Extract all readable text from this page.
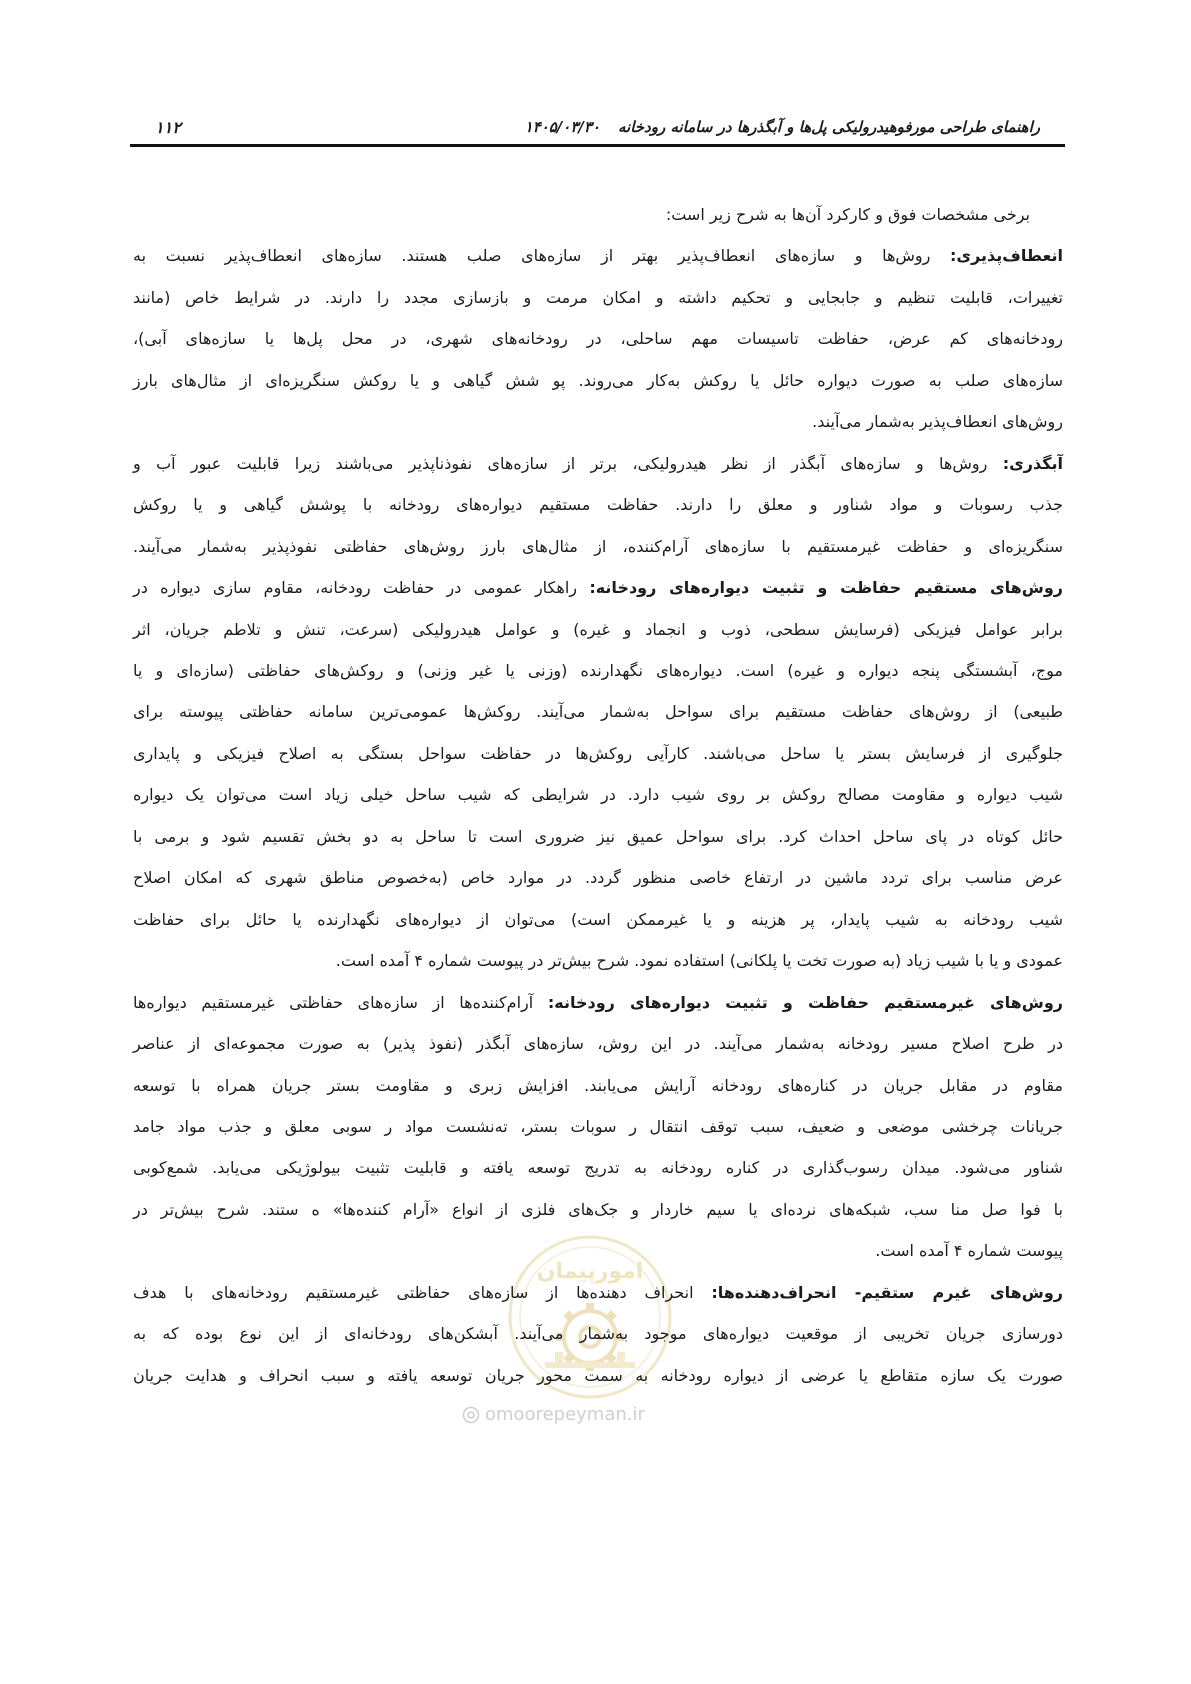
۱۱۲	راهنمای طراحی مورفوهیدرولیکی پل‌ها و آبگذرها در سامانه رودخانه
۱۴۰۵/۰۳/۳۰
امورپیمان
omoorepeyman.ir
برخی مشخصات فوق و کارکرد آن‌ها به شرح زیر است:
انعطاف‌پذیری: روش‌ها و سازه‌های انعطاف‌پذیر بهتر از سازه‌های صلب هستند. سازه‌های انعطاف‌پذیر نسبت به
تغییرات، قابلیت تنظیم و جابجایی و تحکیم داشته و امکان مرمت و بازسازی مجدد را دارند. در شرایط خاص (مانند
رودخانه‌های کم عرض، حفاظت تاسیسات مهم ساحلی، در رودخانه‌های شهری، در محل پل‌ها یا سازه‌های آبی)،
سازه‌های صلب به صورت دیواره حائل یا روکش به‌کار می‌روند. پو شش گیاهی و یا روکش سنگریزه‌ای از مثال‌های بارز
روش‌های انعطاف‌پذیر به‌شمار می‌آیند.
آبگذری: روش‌ها و سازه‌های آبگذر از نظر هیدرولیکی، برتر از سازه‌های نفوذناپذیر می‌باشند زیرا قابلیت عبور آب و
جذب رسوبات و مواد شناور و معلق را دارند. حفاظت مستقیم دیواره‌های رودخانه با پوشش گیاهی و یا روکش
سنگریزه‌ای و حفاظت غیرمستقیم با سازه‌های آرام‌کننده، از مثال‌های بارز روش‌های حفاظتی نفوذپذیر به‌شمار می‌آیند.
روش‌های مستقیم حفاظت و تثبیت دیواره‌های رودخانه: راهکار عمومی در حفاظت رودخانه، مقاوم سازی دیواره در
برابر عوامل فیزیکی (فرسایش سطحی، ذوب و انجماد و غیره) و عوامل هیدرولیکی (سرعت، تنش و تلاطم جریان، اثر
موج، آبشستگی پنجه دیواره و غیره) است. دیواره‌های نگهدارنده (وزنی یا غیر وزنی) و روکش‌های حفاظتی (سازه‌ای و یا
طبیعی) از روش‌های حفاظت مستقیم برای سواحل به‌شمار می‌آیند. روکش‌ها عمومی‌ترین سامانه حفاظتی پیوسته برای
جلوگیری از فرسایش بستر یا ساحل می‌باشند. کارآیی روکش‌ها در حفاظت سواحل بستگی به اصلاح فیزیکی و پایداری
شیب دیواره و مقاومت مصالح روکش بر روی شیب دارد. در شرایطی که شیب ساحل خیلی زیاد است می‌توان یک دیواره
حائل کوتاه در پای ساحل احداث کرد. برای سواحل عمیق نیز ضروری است تا ساحل به دو بخش تقسیم شود و برمی با
عرض مناسب برای تردد ماشین در ارتفاع خاصی منظور گردد. در موارد خاص (به‌خصوص مناطق شهری که امکان اصلاح
شیب رودخانه به شیب پایدار، پر هزینه و یا غیرممکن است) می‌توان از دیواره‌های نگهدارنده یا حائل برای حفاظت
عمودی و یا با شیب زیاد (به صورت تخت یا پلکانی) استفاده نمود. شرح بیش‌تر در پیوست شماره ۴ آمده است.
روش‌های غیرمستقیم حفاظت و تثبیت دیواره‌های رودخانه: آرام‌کننده‌ها از سازه‌های حفاظتی غیرمستقیم دیواره‌ها
در طرح اصلاح مسیر رودخانه به‌شمار می‌آیند. در این روش، سازه‌های آبگذر (نفوذ پذیر) به صورت مجموعه‌ای از عناصر
مقاوم در مقابل جریان در کناره‌های رودخانه آرایش می‌یابند. افزایش زبری و مقاومت بستر جریان همراه با توسعه
جریانات چرخشی موضعی و ضعیف، سبب توقف انتقال ر سوبات بستر، ته‌نشست مواد ر سوبی معلق و جذب مواد جامد
شناور می‌شود. میدان رسوب‌گذاری در کناره رودخانه به تدریج توسعه یافته و قابلیت تثبیت بیولوژیکی می‌یابد. شمع‌کوبی
با فوا صل منا سب، شبکه‌های نرده‌ای یا سیم خاردار و جک‌های فلزی از انواع «آرام کننده‌ها» ه ستند. شرح بیش‌تر در
پیوست شماره ۴ آمده است.
روش‌های غیرم ستقیم- انحراف‌دهنده‌ها: انحراف دهنده‌ها از سازه‌های حفاظتی غیرمستقیم رودخانه‌های با هدف
دورسازی جریان تخریبی از موقعیت دیواره‌های موجود به‌شمار می‌آیند. آبشکن‌های رودخانه‌ای از این نوع بوده که به
صورت یک سازه متقاطع یا عرضی از دیواره رودخانه به سمت محور جریان توسعه یافته و سبب انحراف و هدایت جریان
